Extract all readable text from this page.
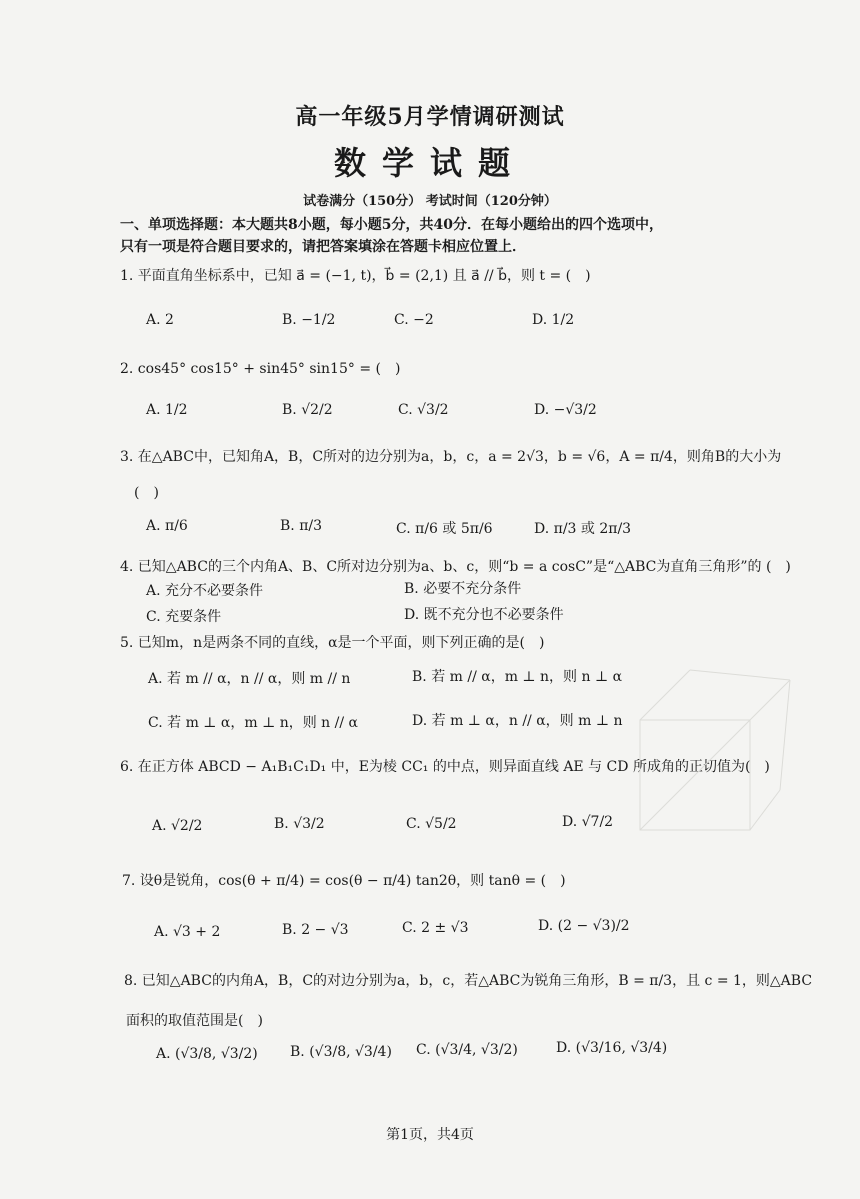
高一年级5月学情调研测试
数学试题
试卷满分（150分） 考试时间（120分钟）
一、单项选择题：本大题共8小题，每小题5分，共40分．在每小题给出的四个选项中，
只有一项是符合题目要求的，请把答案填涂在答题卡相应位置上．
1. 平面直角坐标系中，已知 a⃗ = (−1, t)，b⃗ = (2,1) 且 a⃗ // b⃗，则 t = (　)
A. 2	B. −1/2	C. −2	D. 1/2
2. cos45° cos15° + sin45° sin15° = (　)
A. 1/2	B. √2/2	C. √3/2	D. −√3/2
3. 在△ABC中，已知角A，B，C所对的边分别为a，b，c，a = 2√3，b = √6，A = π/4，则角B的大小为
(　)
A. π/6	B. π/3	C. π/6 或 5π/6	D. π/3 或 2π/3
4. 已知△ABC的三个内角A、B、C所对边分别为a、b、c，则“b = a cosC”是“△ABC为直角三角形”的 (　)
A. 充分不必要条件	B. 必要不充分条件
C. 充要条件	D. 既不充分也不必要条件
5. 已知m，n是两条不同的直线，α是一个平面，则下列正确的是(　)
A. 若 m // α，n // α，则 m // n	B. 若 m // α，m ⊥ n，则 n ⊥ α
C. 若 m ⊥ α，m ⊥ n，则 n // α	D. 若 m ⊥ α，n // α，则 m ⊥ n
6. 在正方体 ABCD − A₁B₁C₁D₁ 中，E为棱 CC₁ 的中点，则异面直线 AE 与 CD 所成角的正切值为(　)
A. √2/2	B. √3/2	C. √5/2	D. √7/2
7. 设θ是锐角，cos(θ + π/4) = cos(θ − π/4) tan2θ，则 tanθ = (　)
A. √3 + 2	B. 2 − √3	C. 2 ± √3	D. (2 − √3)/2
8. 已知△ABC的内角A，B，C的对边分别为a，b，c，若△ABC为锐角三角形，B = π/3，且 c = 1，则△ABC
面积的取值范围是(　)
A. (√3/8, √3/2) B. (√3/8, √3/4) C. (√3/4, √3/2)	D. (√3/16, √3/4)
第1页，共4页
